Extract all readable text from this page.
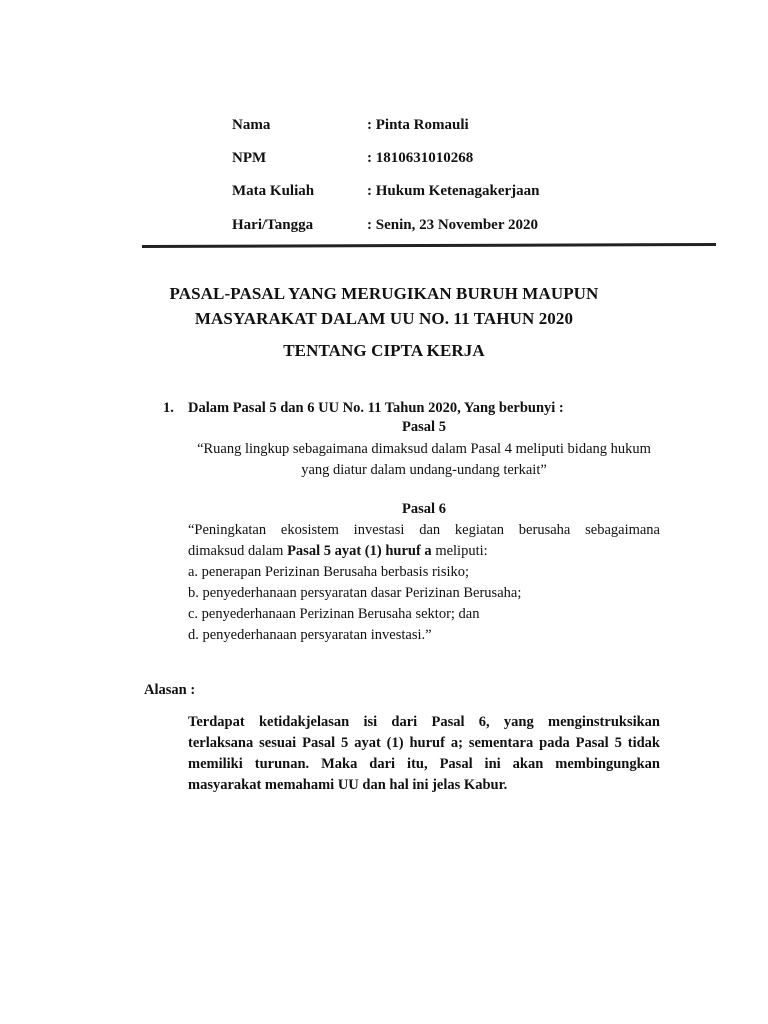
Nama	: Pinta Romauli
NPM	: 1810631010268
Mata Kuliah	: Hukum Ketenagakerjaan
Hari/Tangga	: Senin, 23 November 2020
PASAL-PASAL YANG MERUGIKAN BURUH MAUPUN
MASYARAKAT DALAM UU NO. 11 TAHUN 2020
TENTANG CIPTA KERJA
1. Dalam Pasal 5 dan 6 UU No. 11 Tahun 2020, Yang berbunyi :
Pasal 5
“Ruang lingkup sebagaimana dimaksud dalam Pasal 4 meliputi bidang hukum
yang diatur dalam undang-undang terkait”
Pasal 6
“Peningkatan ekosistem investasi dan kegiatan berusaha sebagaimana
dimaksud dalam Pasal 5 ayat (1) huruf a meliputi:
a. penerapan Perizinan Berusaha berbasis risiko;
b. penyederhanaan persyaratan dasar Perizinan Berusaha;
c. penyederhanaan Perizinan Berusaha sektor; dan
d. penyederhanaan persyaratan investasi.”
Alasan :
Terdapat ketidakjelasan isi dari Pasal 6, yang menginstruksikan
terlaksana sesuai Pasal 5 ayat (1) huruf a; sementara pada Pasal 5 tidak
memiliki turunan. Maka dari itu, Pasal ini akan membingungkan
masyarakat memahami UU dan hal ini jelas Kabur.
